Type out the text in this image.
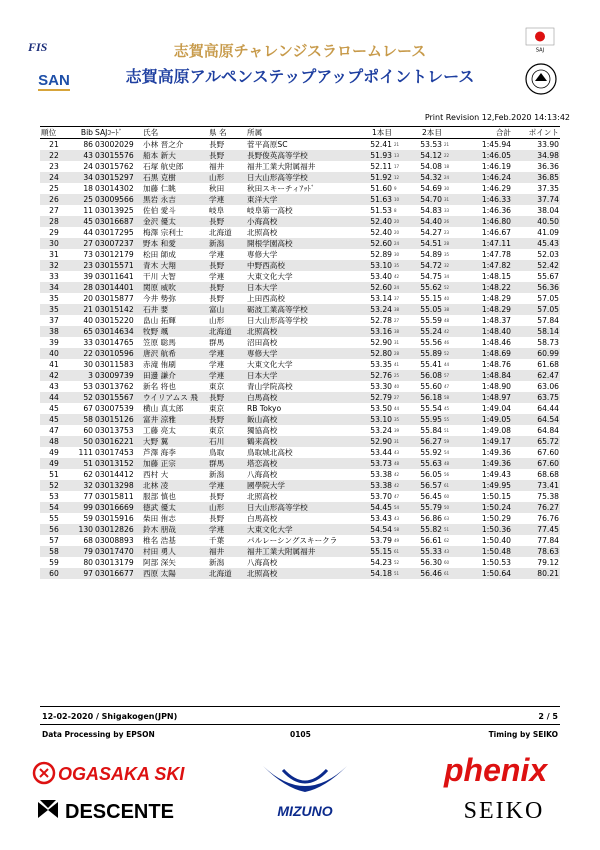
FIS
SAN
志賀高原チャレンジスラロームレース
志賀高原アルペンステップアップポイントレース
SAJ
Print Revision 12,Feb.2020 14:13:42
順位	Bib	SAJｺｰﾄﾞ	氏名	県 名	所属	1本目		2本目		合計	ポイント
21	86	03002029	小林 晋之介	長野	菅平高原SC	52.41	21	53.53	21	1:45.94	33.90
22	43	03015576	船本 新大	長野	長野俊英高等学校	51.93	13	54.12	22	1:46.05	34.98
23	24	03015762	石塚 航史郎	福井	福井工業大附属福井	52.11	17	54.08	18	1:46.19	36.36
24	34	03015297	石黒 克樹	山形	日大山形高等学校	51.92	12	54.32	24	1:46.24	36.85
25	18	03014302	加藤 仁眺	秋田	秋田スキーチィｱｯﾄﾞ	51.60	9	54.69	30	1:46.29	37.35
26	25	03009566	黒岩 永吉	学連	東洋大学	51.63	10	54.70	31	1:46.33	37.74
27	11	03013925	佐伯 愛斗	岐阜	岐阜第一高校	51.53	8	54.83	33	1:46.36	38.04
28	45	03016687	金沢 優太	長野	小海高校	52.40	20	54.40	26	1:46.80	40.50
29	44	03017295	梅澤 宗利士	北海道	北照高校	52.40	20	54.27	23	1:46.67	41.09
30	27	03007237	野本 和愛	新潟	開根学園高校	52.60	24	54.51	28	1:47.11	45.43
31	73	03012179	松田 師成	学連	専修大学	52.89	30	54.89	35	1:47.78	52.03
32	23	03015571	青木 大翔	長野	中野西高校	53.10	35	54.72	32	1:47.82	52.42
33	39	03011641	干川 大智	学連	大東文化大学	53.40	42	54.75	34	1:48.15	55.67
34	28	03014401	関原 威吹	長野	日本大学	52.60	24	55.62	52	1:48.22	56.36
35	20	03015877	今井 勢弥	長野	上田西高校	53.14	37	55.15	40	1:48.29	57.05
35	21	03015142	石井 要	富山	砺波工業高等学校	53.24	38	55.05	38	1:48.29	57.05
37	40	03015220	畠山 拓輝	山形	日大山形高等学校	52.78	27	55.59	48	1:48.37	57.84
38	65	03014634	牧野 颯	北海道	北照高校	53.16	38	55.24	42	1:48.40	58.14
39	33	03014765	笠原 聡馬	群馬	沼田高校	52.90	31	55.56	46	1:48.46	58.73
40	22	03010596	唐沢 航希	学連	専修大学	52.80	28	55.89	52	1:48.69	60.99
41	30	03011583	赤滝 侑刷	学連	大東文化大学	53.35	41	55.41	44	1:48.76	61.68
42	3	03009739	田邊 謙介	学連	日本大学	52.76	25	56.08	57	1:48.84	62.47
43	53	03013762	新名 将也	東京	青山学院高校	53.30	40	55.60	47	1:48.90	63.06
44	52	03015567	ウイリアムス 飛	長野	白馬高校	52.79	27	56.18	58	1:48.97	63.75
45	67	03007539	横山 真太郎	東京	RB Tokyo	53.50	44	55.54	45	1:49.04	64.44
45	58	03015126	富井 涼雅	長野	飯山高校	53.10	35	55.95	55	1:49.05	64.54
47	60	03013753	工藤 亮太	東京	獨協高校	53.24	39	55.84	51	1:49.08	64.84
48	50	03016221	大野 翼	石川	鶴来高校	52.90	31	56.27	59	1:49.17	65.72
49	111	03017453	芦澤 海李	鳥取	鳥取城北高校	53.44	43	55.92	54	1:49.36	67.60
49	51	03013152	加藤 正宗	群馬	塔恋高校	53.73	48	55.63	48	1:49.36	67.60
51	62	03014412	西村 大	新潟	八海高校	53.38	42	56.05	56	1:49.43	68.68
52	32	03013298	北林 凌	学連	國學院大学	53.38	42	56.57	61	1:49.95	73.41
53	77	03015811	服部 慎也	長野	北照高校	53.70	47	56.45	60	1:50.15	75.38
54	99	03016669	徳武 優太	山形	日大山形高等学校	54.45	54	55.79	50	1:50.24	76.27
55	59	03015916	柴田 侑志	長野	白馬高校	53.43	43	56.86	63	1:50.29	76.76
56	130	03012826	鈴木 朋哉	学連	大東文化大学	54.54	58	55.82	51	1:50.36	77.45
57	68	03008893	椎名 浩基	千葉	パルレーシングスキークラ	53.79	49	56.61	62	1:50.40	77.84
58	79	03017470	村田 勇人	福井	福井工業大附属福井	55.15	61	55.33	43	1:50.48	78.63
59	80	03013179	阿部 深矢	新潟	八海高校	54.23	52	56.30	60	1:50.53	79.12
60	97	03016677	西原 太陽	北海道	北照高校	54.18	51	56.46	61	1:50.64	80.21
12-02-2020 / Shigakogen(JPN)	2 / 5
Data Processing by EPSON	0105	Timing by SEIKO
OGASAKA SKI
DESCENTE	MIZUNO
phenix
SEIKO
